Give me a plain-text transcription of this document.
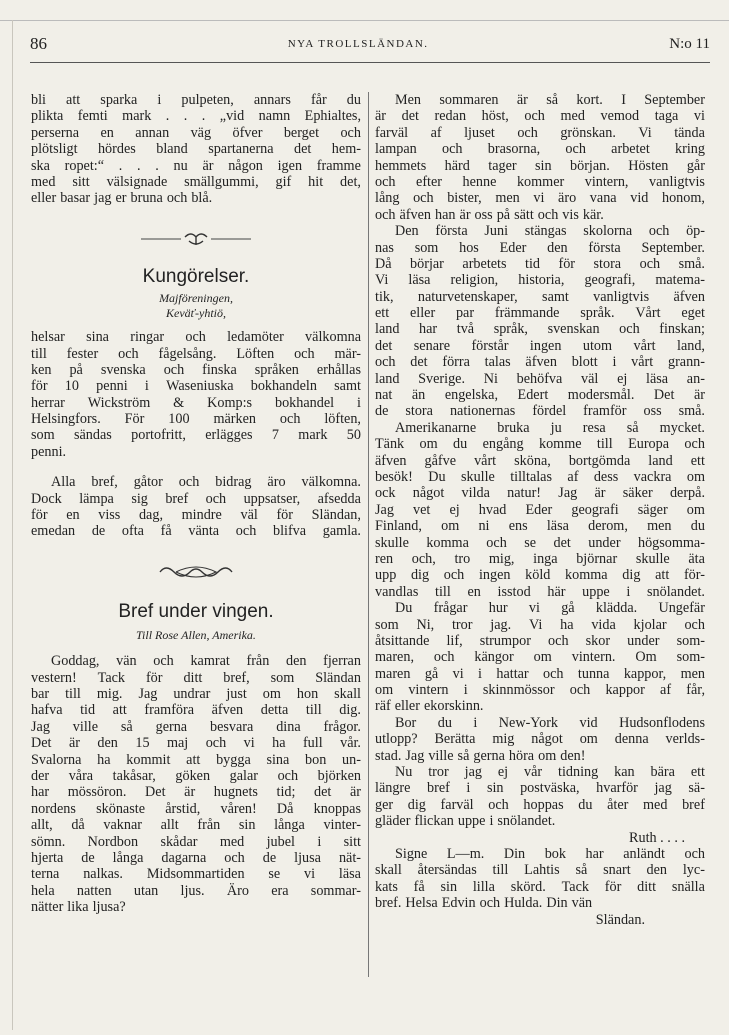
86	NYA TROLLSLÄNDAN.	N:o 11
bli att sparka i pulpeten, annars får du
plikta femti mark . . . „vid namn Ephialtes,
perserna en annan väg öfver berget och
plötsligt hördes bland spartanerna det hem-
ska ropet:“ . . . nu är någon igen framme
med sitt välsignade smällgummi, gif hit det,
eller basar jag er bruna och blå.
Kungörelser.
Majföreningen,
Keväť-yhtiö,
helsar sina ringar och ledamöter välkomna
till fester och fågelsång. Löften och mär-
ken på svenska och finska språken erhållas
för 10 penni i Waseniuska bokhandeln samt
herrar Wickström & Komp:s bokhandel i
Helsingfors. För 100 märken och löften,
som sändas portofritt, erlägges 7 mark 50
penni.
Alla bref, gåtor och bidrag äro välkomna.
Dock lämpa sig bref och uppsatser, afsedda
för en viss dag, mindre väl för Sländan,
emedan de ofta få vänta och blifva gamla.
Bref under vingen.
Till Rose Allen, Amerika.
Goddag, vän och kamrat från den fjerran
vestern! Tack för ditt bref, som Sländan
bar till mig. Jag undrar just om hon skall
hafva tid att framföra äfven detta till dig.
Jag ville så gerna besvara dina frågor.
Det är den 15 maj och vi ha full vår.
Svalorna ha kommit att bygga sina bon un-
der våra takåsar, göken galar och björken
har mössöron. Det är hugnets tid; det är
nordens skönaste årstid, våren! Då knoppas
allt, då vaknar allt från sin långa vinter-
sömn. Nordbon skådar med jubel i sitt
hjerta de långa dagarna och de ljusa nät-
terna nalkas. Midsommartiden se vi läsa
hela natten utan ljus. Äro era sommar-
nätter lika ljusa?
Men sommaren är så kort. I September
är det redan höst, och med vemod taga vi
farväl af ljuset och grönskan. Vi tända
lampan och brasorna, och arbetet kring
hemmets härd tager sin början. Hösten går
och efter henne kommer vintern, vanligtvis
lång och bister, men vi äro vana vid honom,
och äfven han är oss på sätt och vis kär.
Den första Juni stängas skolorna och öp-
nas som hos Eder den första September.
Då börjar arbetets tid för stora och små.
Vi läsa religion, historia, geografi, matema-
tik, naturvetenskaper, samt vanligtvis äfven
ett eller par främmande språk. Vårt eget
land har två språk, svenskan och finskan;
det senare förstår ingen utom vårt land,
och det förra talas äfven blott i vårt grann-
land Sverige. Ni behöfva väl ej läsa an-
nat än engelska, Edert modersmål. Det är
de stora nationernas fördel framför oss små.
Amerikanarne bruka ju resa så mycket.
Tänk om du engång komme till Europa och
äfven gåfve vårt sköna, bortgömda land ett
besök! Du skulle tilltalas af dess vackra om
ock något vilda natur! Jag är säker derpå.
Jag vet ej hvad Eder geografi säger om
Finland, om ni ens läsa derom, men du
skulle komma och se det under högsomma-
ren och, tro mig, inga björnar skulle äta
upp dig och ingen köld komma dig att för-
vandlas till en isstod här uppe i snölandet.
Du frågar hur vi gå klädda. Ungefär
som Ni, tror jag. Vi ha vida kjolar och
åtsittande lif, strumpor och skor under som-
maren, och kängor om vintern. Om som-
maren gå vi i hattar och tunna kappor, men
om vintern i skinnmössor och kappor af får,
räf eller ekorskinn.
Bor du i New-York vid Hudsonflodens
utlopp? Berätta mig något om denna verlds-
stad. Jag ville så gerna höra om den!
Nu tror jag ej vår tidning kan bära ett
längre bref i sin postväska, hvarför jag sä-
ger dig farväl och hoppas du åter med bref
gläder flickan uppe i snölandet.
Ruth . . . .
Signe L—m. Din bok har anländt och
skall återsändas till Lahtis så snart den lyc-
kats få sin lilla skörd. Tack för ditt snälla
bref. Helsa Edvin och Hulda. Din vän
Sländan.
